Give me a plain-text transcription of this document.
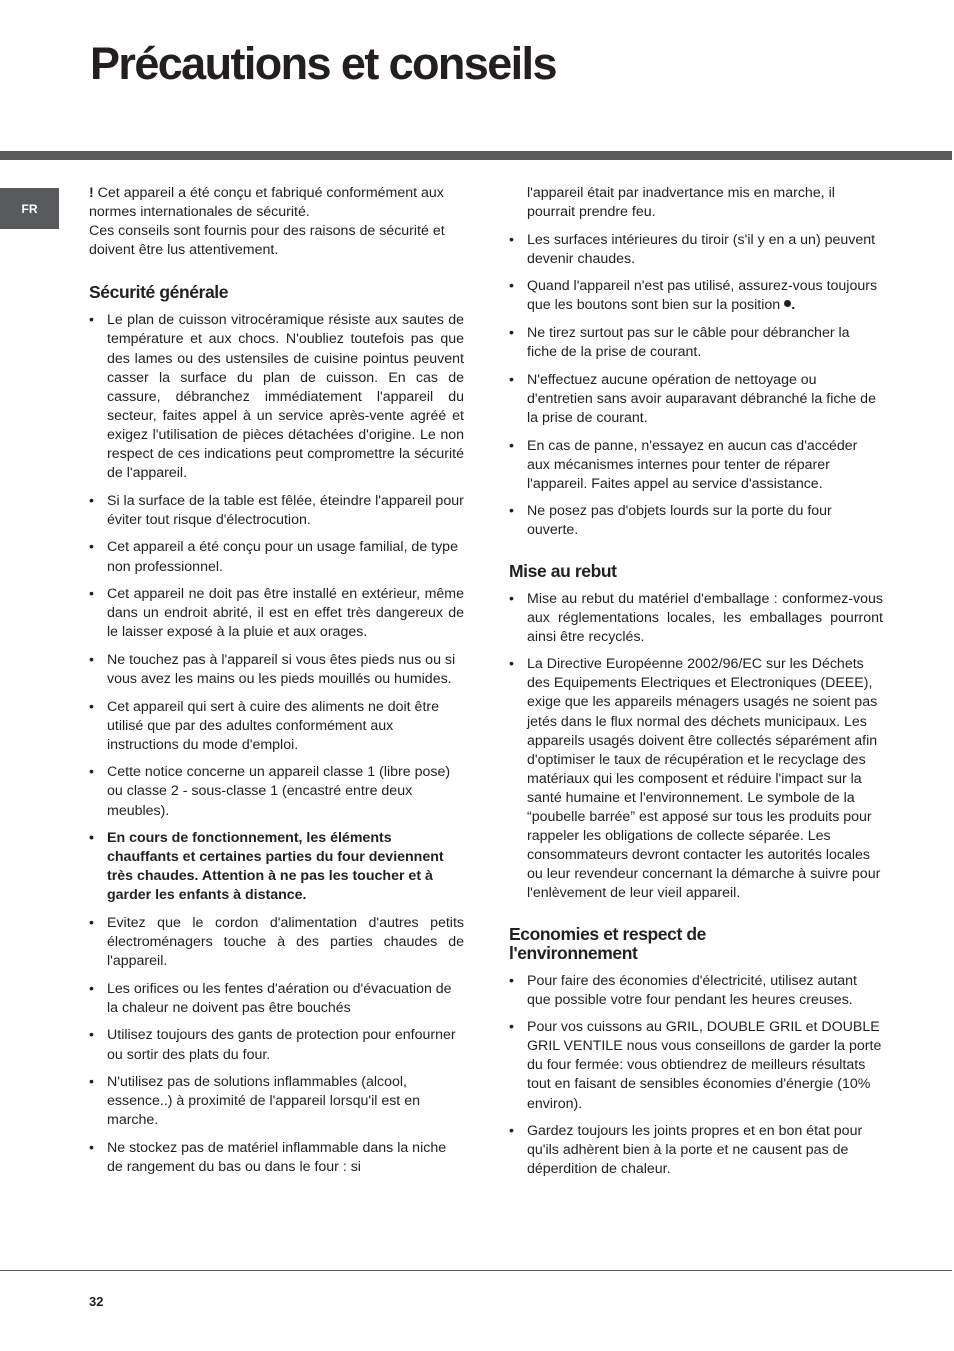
Précautions et conseils
FR

! Cet appareil a été conçu et fabriqué conformément aux normes internationales de sécurité.

Ces conseils sont fournis pour des raisons de sécurité et doivent être lus attentivement.

Sécurité générale
• Le plan de cuisson vitrocéramique résiste aux sautes de température et aux chocs. N'oubliez toutefois pas que des lames ou des ustensiles de cuisine pointus peuvent casser la surface du plan de cuisson. En cas de cassure, débranchez immédiatement l'appareil du secteur, faites appel à un service après-vente agréé et exigez l'utilisation de pièces détachées d'origine. Le non respect de ces indications peut compromettre la sécurité de l'appareil.
• Si la surface de la table est fêlée, éteindre l'appareil pour éviter tout risque d'électrocution.
• Cet appareil a été conçu pour un usage familial, de type non professionnel.
• Cet appareil ne doit pas être installé en extérieur, même dans un endroit abrité, il est en effet très dangereux de le laisser exposé à la pluie et aux orages.
• Ne touchez pas à l'appareil si vous êtes pieds nus ou si vous avez les mains ou les pieds mouillés ou humides.
• Cet appareil qui sert à cuire des aliments ne doit être utilisé que par des adultes conformément aux instructions du mode d'emploi.
• Cette notice concerne un appareil classe 1 (libre pose) ou classe 2 - sous-classe 1 (encastré entre deux meubles).
• En cours de fonctionnement, les éléments chauffants et certaines parties du four deviennent très chaudes. Attention à ne pas les toucher et à garder les enfants à distance.
• Evitez que le cordon d'alimentation d'autres petits électroménagers touche à des parties chaudes de l'appareil.
• Les orifices ou les fentes d'aération ou d'évacuation de la chaleur ne doivent pas être bouchés
• Utilisez toujours des gants de protection pour enfourner ou sortir des plats du four.
• N'utilisez pas de solutions inflammables (alcool, essence..) à proximité de l'appareil lorsqu'il est en marche.
• Ne stockez pas de matériel inflammable dans la niche de rangement du bas ou dans le four : si
l'appareil était par inadvertance mis en marche, il pourrait prendre feu.
• Les surfaces intérieures du tiroir (s'il y en a un) peuvent devenir chaudes.
• Quand l'appareil n'est pas utilisé, assurez-vous toujours que les boutons sont bien sur la position .
• Ne tirez surtout pas sur le câble pour débrancher la fiche de la prise de courant.
• N'effectuez aucune opération de nettoyage ou d'entretien sans avoir auparavant débranché la fiche de la prise de courant.
• En cas de panne, n'essayez en aucun cas d'accéder aux mécanismes internes pour tenter de réparer l'appareil. Faites appel au service d'assistance.
• Ne posez pas d'objets lourds sur la porte du four ouverte.
Mise au rebut
• Mise au rebut du matériel d'emballage : conformez-vous aux réglementations locales, les emballages pourront ainsi être recyclés.
• La Directive Européenne 2002/96/EC sur les Déchets des Equipements Electriques et Electroniques (DEEE), exige que les appareils ménagers usagés ne soient pas jetés dans le flux normal des déchets municipaux. Les appareils usagés doivent être collectés séparément afin d'optimiser le taux de récupération et le recyclage des matériaux qui les composent et réduire l'impact sur la santé humaine et l'environnement. Le symbole de la “poubelle barrée” est apposé sur tous les produits pour rappeler les obligations de collecte séparée. Les consommateurs devront contacter les autorités locales ou leur revendeur concernant la démarche à suivre pour l'enlèvement de leur vieil appareil.
Economies et respect de
l'environnement
• Pour faire des économies d'électricité, utilisez autant que possible votre four pendant les heures creuses.
• Pour vos cuissons au GRIL, DOUBLE GRIL et DOUBLE GRIL VENTILE nous vous conseillons de garder la porte du four fermée: vous obtiendrez de meilleurs résultats tout en faisant de sensibles économies d'énergie (10% environ).
• Gardez toujours les joints propres et en bon état pour qu'ils adhèrent bien à la porte et ne causent pas de déperdition de chaleur.
32
